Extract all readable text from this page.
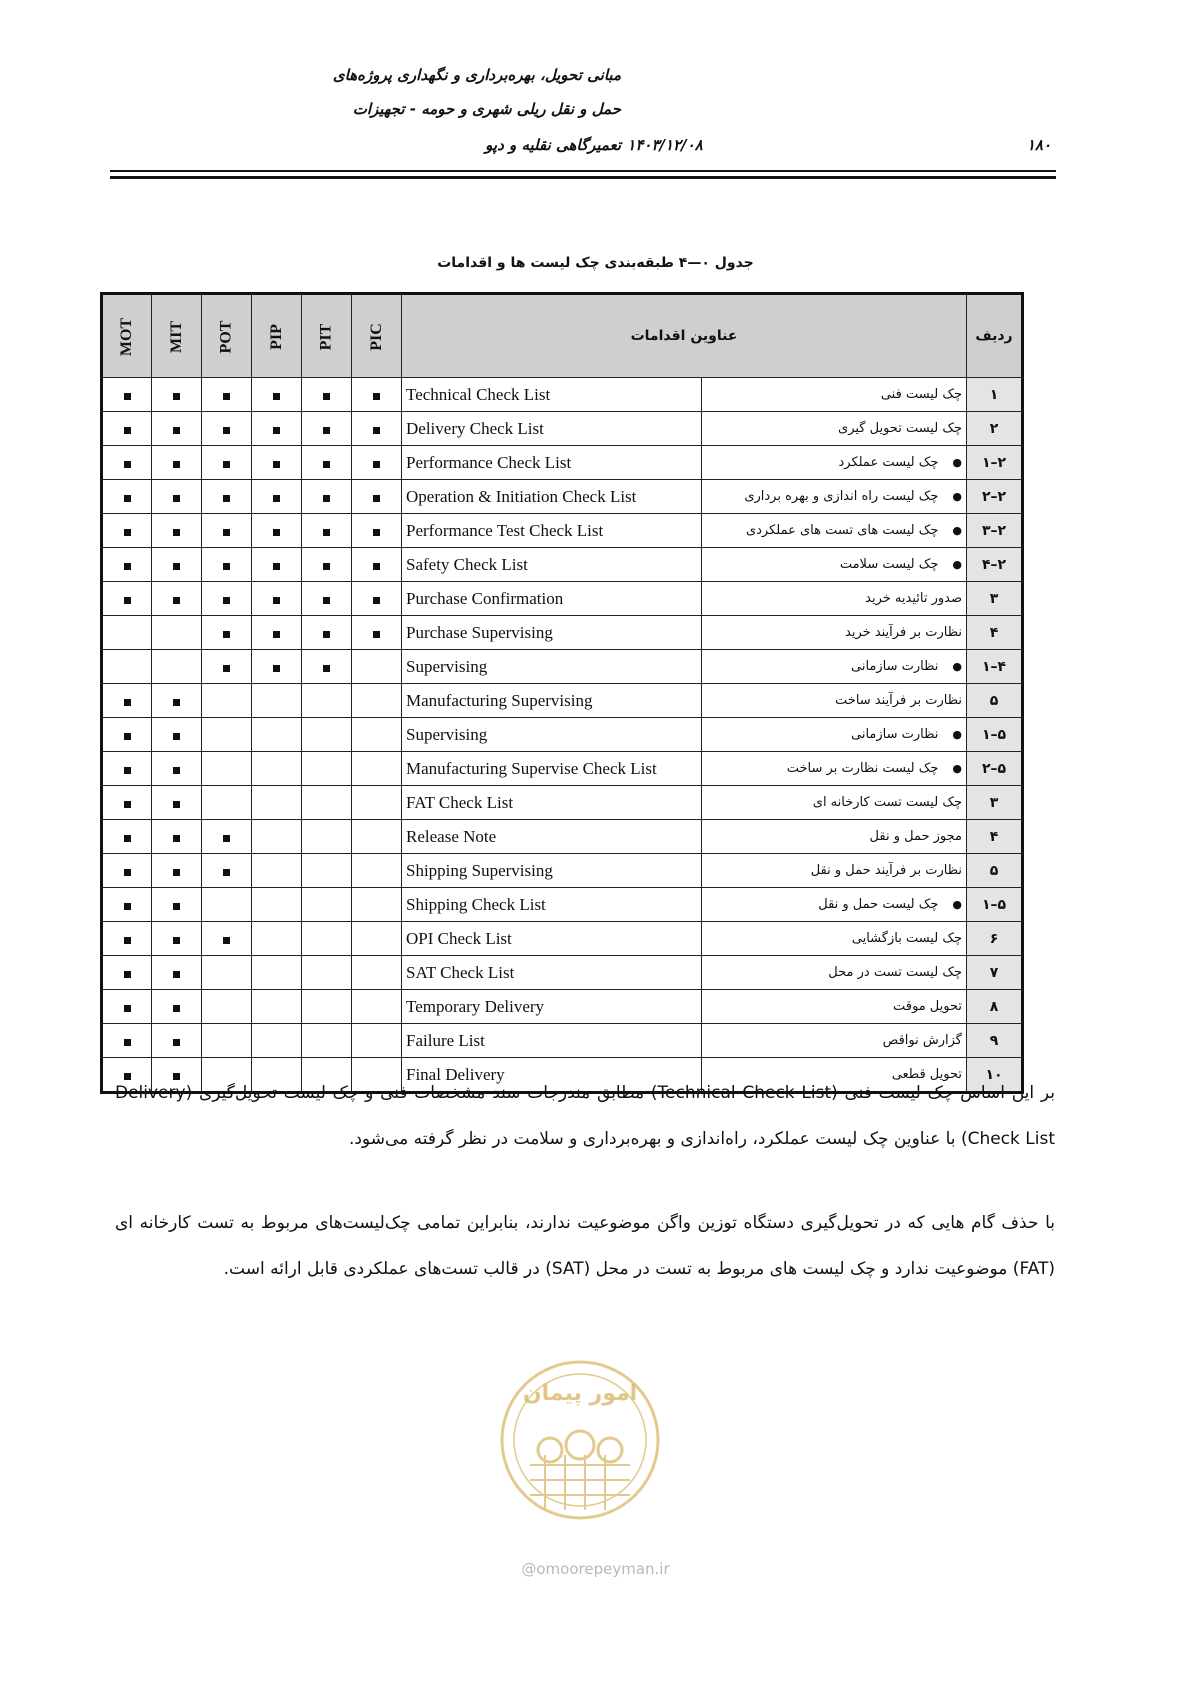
مبانی تحویل، بهره‌برداری و نگهداری پروژه‌های
حمل و نقل ریلی شهری و حومه - تجهیزات
تعمیرگاهی نقلیه و دپو ۱۴۰۳/۱۲/۰۸	۱۸۰
جدول ۰—۴ طبقه‌بندی چک لیست ها و اقدامات
MOT	MIT	POT	PIP	PIT	PIC	عناوین اقدامات		ردیف
						Technical Check List	چک لیست فنی	۱
						Delivery Check List	چک لیست تحویل گیری	۲
						Performance Check List	●چک لیست عملکرد	۲–۱
						Operation & Initiation Check List	●چک لیست راه اندازی و بهره برداری	۲–۲
						Performance Test Check List	●چک لیست های تست های عملکردی	۲–۳
						Safety Check List	●چک لیست سلامت	۲–۴
						Purchase Confirmation	صدور تائیدیه خرید	۳
						Purchase Supervising	نظارت بر فرآیند خرید	۴
						Supervising	●نظارت سازمانی	۴–۱
						Manufacturing Supervising	نظارت بر فرآیند ساخت	۵
						Supervising	●نظارت سازمانی	۵–۱
						Manufacturing Supervise Check List	●چک لیست نظارت بر ساخت	۵–۲
						FAT Check List	چک لیست تست کارخانه ای	۳
						Release Note	مجوز حمل و نقل	۴
						Shipping Supervising	نظارت بر فرآیند حمل و نقل	۵
						Shipping Check List	●چک لیست حمل و نقل	۵–۱
						OPI Check List	چک لیست بازگشایی	۶
						SAT Check List	چک لیست تست در محل	۷
						Temporary Delivery	تحویل موقت	۸
						Failure List	گزارش نواقص	۹
						Final Delivery	تحویل قطعی	۱۰
بر این اساس چک لیست فنی (Technical Check List) مطابق مندرجات سند مشخصات فنی و چک لیست تحویل‌گیری (Delivery Check List) با عناوین چک لیست عملکرد، راه‌اندازی و بهره‌برداری و سلامت در نظر گرفته می‌شود.
با حذف گام هایی که در تحویل‌گیری دستگاه توزین واگن موضوعیت ندارند، بنابراین تمامی چک‌لیست‌های مربوط به تست کارخانه ای (FAT) موضوعیت ندارد و چک لیست های مربوط به تست در محل (SAT) در قالب تست‌های عملکردی قابل ارائه است.
امور پیمان
@omoorepeyman.ir
